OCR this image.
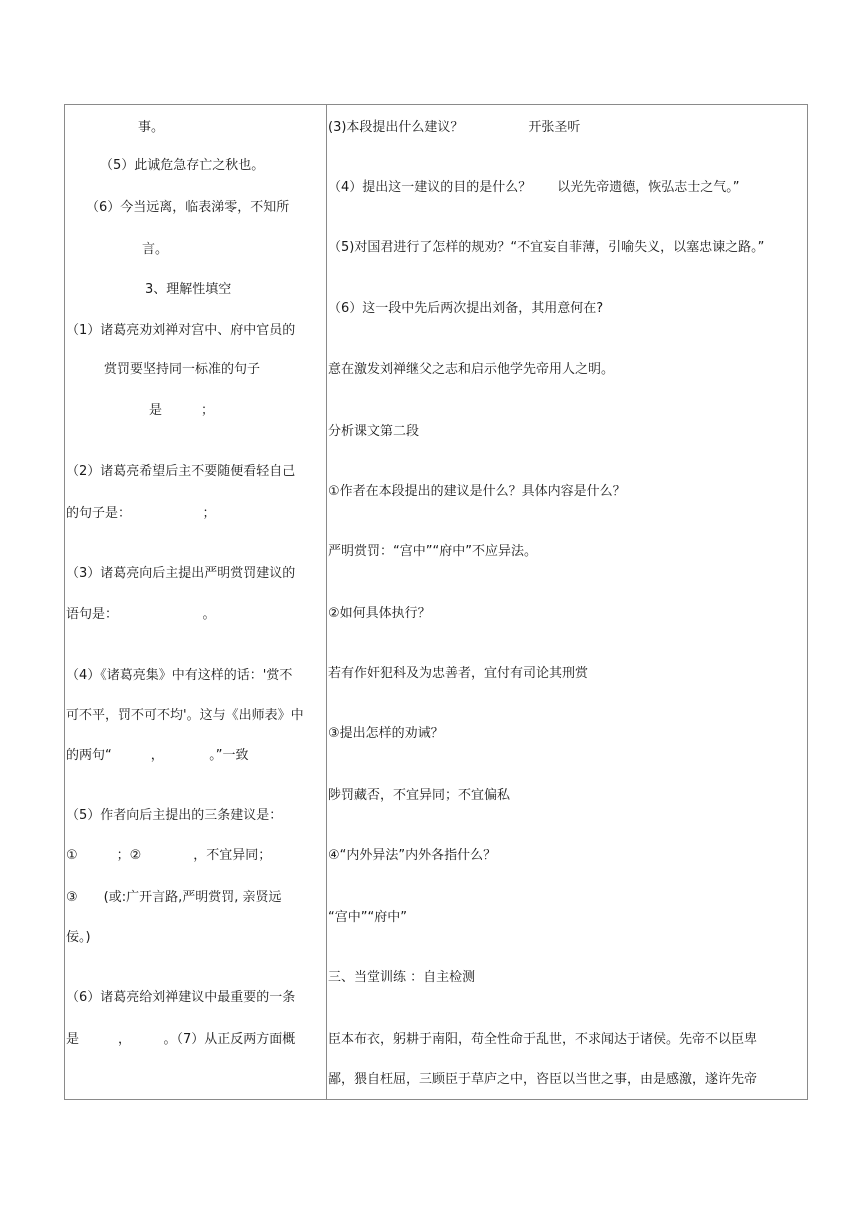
事。
（5）此诚危急存亡之秋也。
（6）今当远离，临表涕零，不知所
言。
3、理解性填空
（1）诸葛亮劝刘禅对宫中、府中官员的
赏罚要坚持同一标准的句子
是　　　；
（2）诸葛亮希望后主不要随便看轻自己
的句子是：　　　　　　；
（3）诸葛亮向后主提出严明赏罚建议的
语句是：　　　　　　　。
（4）《诸葛亮集》中有这样的话：'赏不
可不平，罚不可不均'。这与《出师表》中
的两句“　　　，　　　　。”一致
（5）作者向后主提出的三条建议是：
①　　　；②　　　　，不宜异同；
③　　(或:广开言路,严明赏罚, 亲贤远
佞。)
（6）诸葛亮给刘禅建议中最重要的一条
是　　　，　　　。（7）从正反两方面概
(3)本段提出什么建议？　　　　　开张圣听
（4）提出这一建议的目的是什么？　　以光先帝遗德，恢弘志士之气。”
（5)对国君进行了怎样的规劝？“不宜妄自菲薄，引喻失义，以塞忠谏之路。”
（6）这一段中先后两次提出刘备，其用意何在?
意在激发刘禅继父之志和启示他学先帝用人之明。
分析课文第二段
①作者在本段提出的建议是什么？具体内容是什么？
严明赏罚：“宫中”“府中”不应异法。
②如何具体执行？
若有作奸犯科及为忠善者，宜付有司论其刑赏
③提出怎样的劝诫？
陟罚藏否，不宜异同；不宜偏私
④“内外异法”内外各指什么？
“宫中”“府中”
三、当堂训练 ：自主检测
臣本布衣，躬耕于南阳，苟全性命于乱世，不求闻达于诸侯。先帝不以臣卑
鄙，猥自枉屈，三顾臣于草庐之中，咨臣以当世之事，由是感激，遂许先帝
